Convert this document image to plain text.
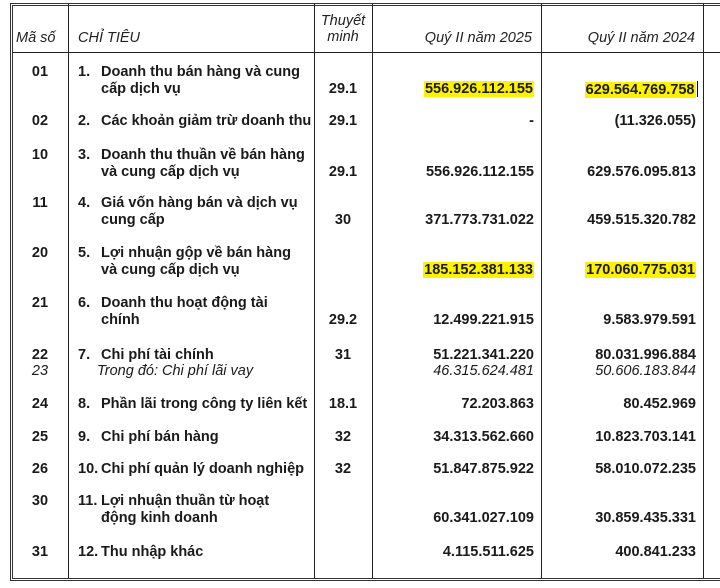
Mã số CHỈ TIÊU
Thuyết
minh	Quý II năm 2025	Quý II năm 2024
01	1. Doanh thu bán hàng và cung
cấp dịch vụ	29.1	556.926.112.155	629.564.769.758
02	2. Các khoản giảm trừ doanh thu	29.1	-	(11.326.055)
10	3. Doanh thu thuần về bán hàng
và cung cấp dịch vụ	29.1	556.926.112.155	629.576.095.813
11	4. Giá vốn hàng bán và dịch vụ
cung cấp	30	371.773.731.022	459.515.320.782
20	5. Lợi nhuận gộp về bán hàng
và cung cấp dịch vụ	185.152.381.133	170.060.775.031
21	6. Doanh thu hoạt động tài
chính	29.2	12.499.221.915	9.583.979.591
22	7. Chi phí tài chính	31	51.221.341.220	80.031.996.884
23	Trong đó: Chi phí lãi vay	46.315.624.481	50.606.183.844
24	8. Phần lãi trong công ty liên kết	18.1	72.203.863	80.452.969
25	9. Chi phí bán hàng	32	34.313.562.660	10.823.703.141
26	10. Chi phí quản lý doanh nghiệp	32	51.847.875.922	58.010.072.235
30	11. Lợi nhuận thuần từ hoạt
động kinh doanh	60.341.027.109	30.859.435.331
31	12. Thu nhập khác	4.115.511.625	400.841.233
